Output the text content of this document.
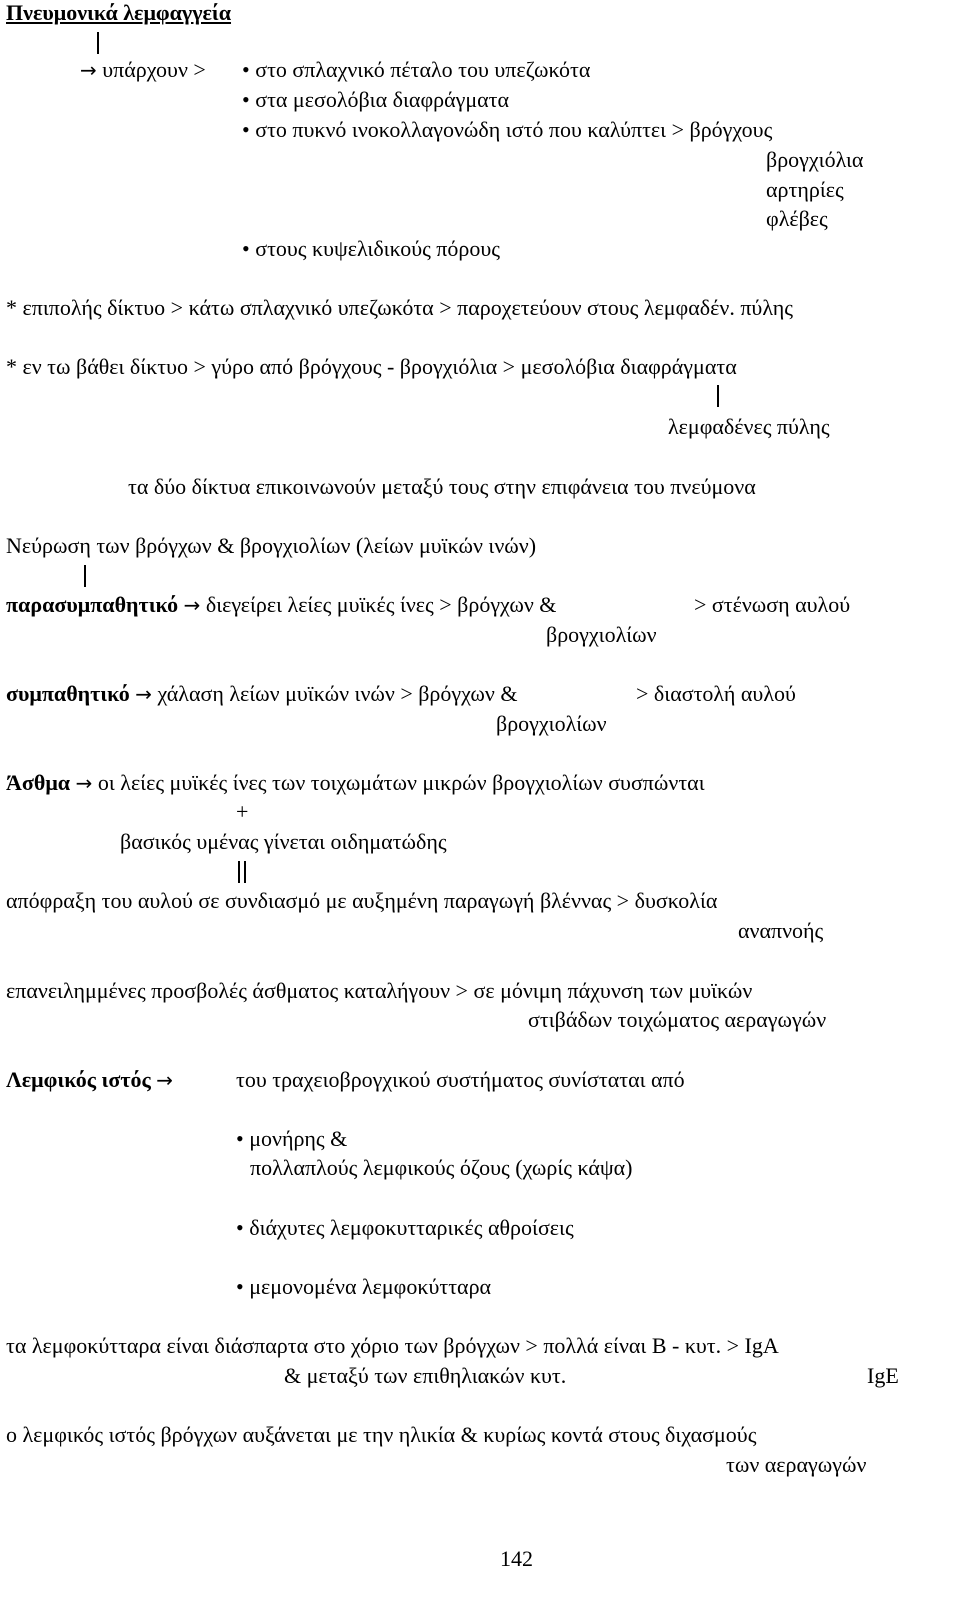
Πνευμονικά λεμφαγγεία
→ υπάρχουν > • στο σπλαχνικό πέταλο του υπεζωκότα
• στα μεσολόβια διαφράγματα
• στο πυκνό ινοκολλαγονώδη ιστό που καλύπτει > βρόγχους
βρογχιόλια
αρτηρίες
φλέβες
• στους κυψελιδικούς πόρους
* επιπολής δίκτυο > κάτω σπλαχνικό υπεζωκότα > παροχετεύουν στους λεμφαδέν. πύλης
* εν τω βάθει δίκτυο > γύρο από βρόγχους - βρογχιόλια > μεσολόβια διαφράγματα
λεμφαδένες πύλης
τα δύο δίκτυα επικοινωνούν μεταξύ τους στην επιφάνεια του πνεύμονα
Νεύρωση των βρόγχων & βρογχιολίων (λείων μυϊκών ινών)
παρασυμπαθητικό → διεγείρει λείες μυϊκές ίνες > βρόγχων &	> στένωση αυλού
βρογχιολίων
συμπαθητικό → χάλαση λείων μυϊκών ινών > βρόγχων &	> διαστολή αυλού
βρογχιολίων
Άσθμα → οι λείες μυϊκές ίνες των τοιχωμάτων μικρών βρογχιολίων συσπώνται
+
βασικός υμένας γίνεται οιδηματώδης
απόφραξη του αυλού σε συνδιασμό με αυξημένη παραγωγή βλέννας > δυσκολία
αναπνοής
επανειλημμένες προσβολές άσθματος καταλήγουν > σε μόνιμη πάχυνση των μυϊκών
στιβάδων τοιχώματος αεραγωγών
Λεμφικός ιστός →	του τραχειοβρογχικού συστήματος συνίσταται από
• μονήρης &
πολλαπλούς λεμφικούς όζους (χωρίς κάψα)
• διάχυτες λεμφοκυτταρικές αθροίσεις
• μεμονομένα λεμφοκύτταρα
τα λεμφοκύτταρα είναι διάσπαρτα στο χόριο των βρόγχων > πολλά είναι Β - κυτ. > IgA
& μεταξύ των επιθηλιακών κυτ.	IgE
ο λεμφικός ιστός βρόγχων αυξάνεται με την ηλικία & κυρίως κοντά στους διχασμούς
των αεραγωγών
142
